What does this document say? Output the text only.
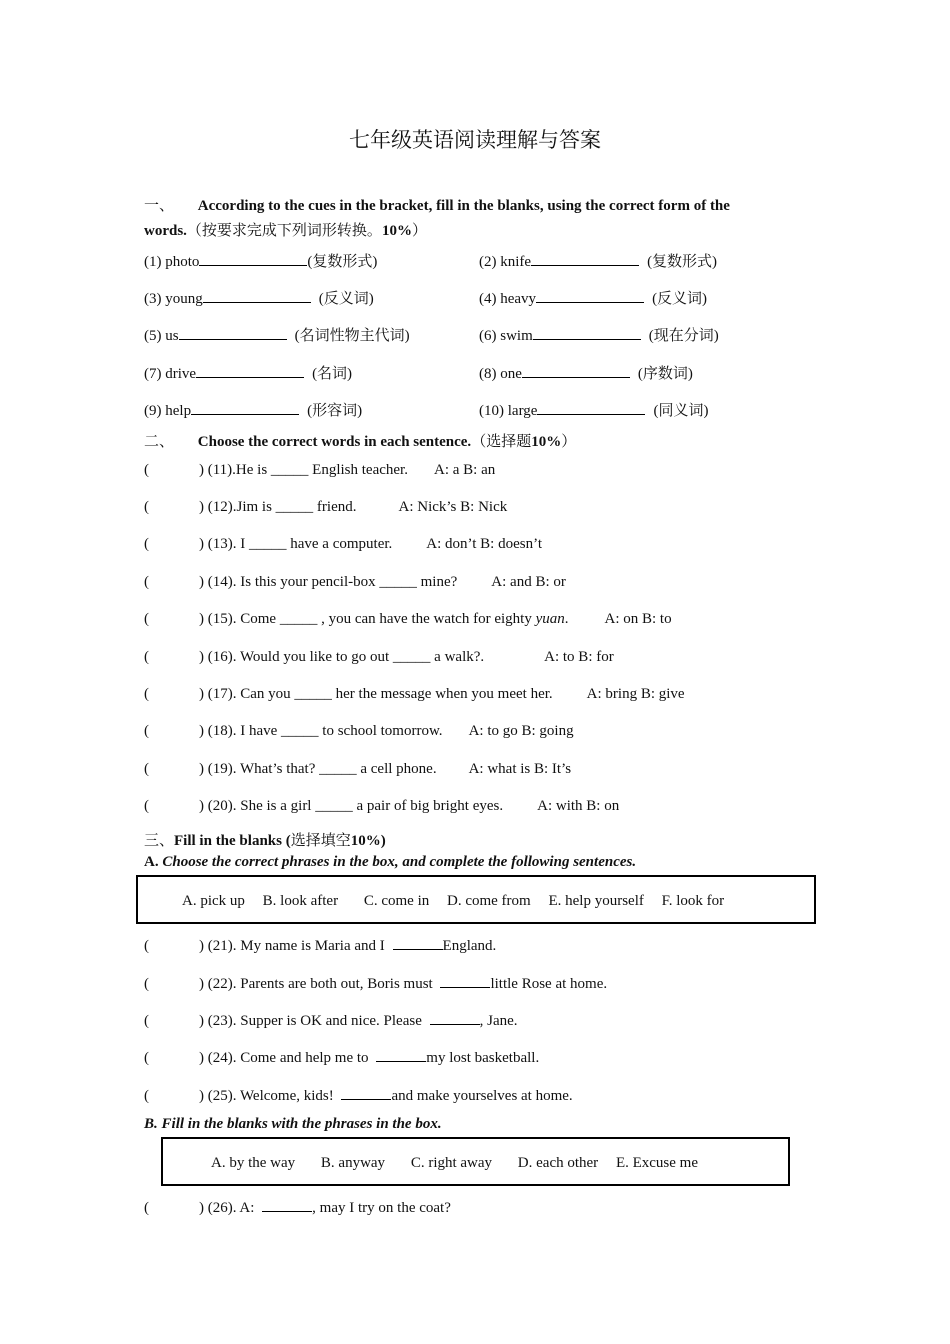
七年级英语阅读理解与答案
一、 According to the cues in the bracket, fill in the blanks, using the correct form of the
words.（按要求完成下列词形转换。10%）
(1) photo	(复数形式)	(2) knife	(复数形式)
(3) young	(反义词)	(4) heavy	(反义词)
(5) us	(名词性物主代词)	(6) swim	(现在分词)
(7) drive	(名词)	(8) one	(序数词)
(9) help	(形容词)	(10) large	(同义词)
二、 Choose the correct words in each sentence.（选择题10%）
(	) (11).He is _____ English teacher. A: a B: an
(	) (12).Jim is _____ friend.	A: Nick’s B: Nick
(	) (13). I _____ have a computer. A: don’t B: doesn’t
(	) (14). Is this your pencil-box _____ mine? A: and B: or
(	) (15). Come _____ , you can have the watch for eighty yuan. A: on B: to
(	) (16). Would you like to go out _____ a walk?.	A: to B: for
(	) (17). Can you _____ her the message when you meet her. A: bring B: give
(	) (18). I have _____ to school tomorrow. A: to go B: going
(	) (19). What’s that? _____ a cell phone. A: what is B: It’s
(	) (20). She is a girl _____ a pair of big bright eyes. A: with B: on
三、Fill in the blanks (选择填空10%)
A. Choose the correct phrases in the box, and complete the following sentences.
A. pick up B. look after C. come in D. come from E. help yourself F. look for
(	) (21). My name is Maria and I	England.
(	) (22). Parents are both out, Boris must	little Rose at home.
(	) (23). Supper is OK and nice. Please	, Jane.
(	) (24). Come and help me to	my lost basketball.
(	) (25). Welcome, kids!	and make yourselves at home.
B. Fill in the blanks with the phrases in the box.
A. by the way B. anyway C. right away D. each other E. Excuse me
(	) (26). A:	, may I try on the coat?
